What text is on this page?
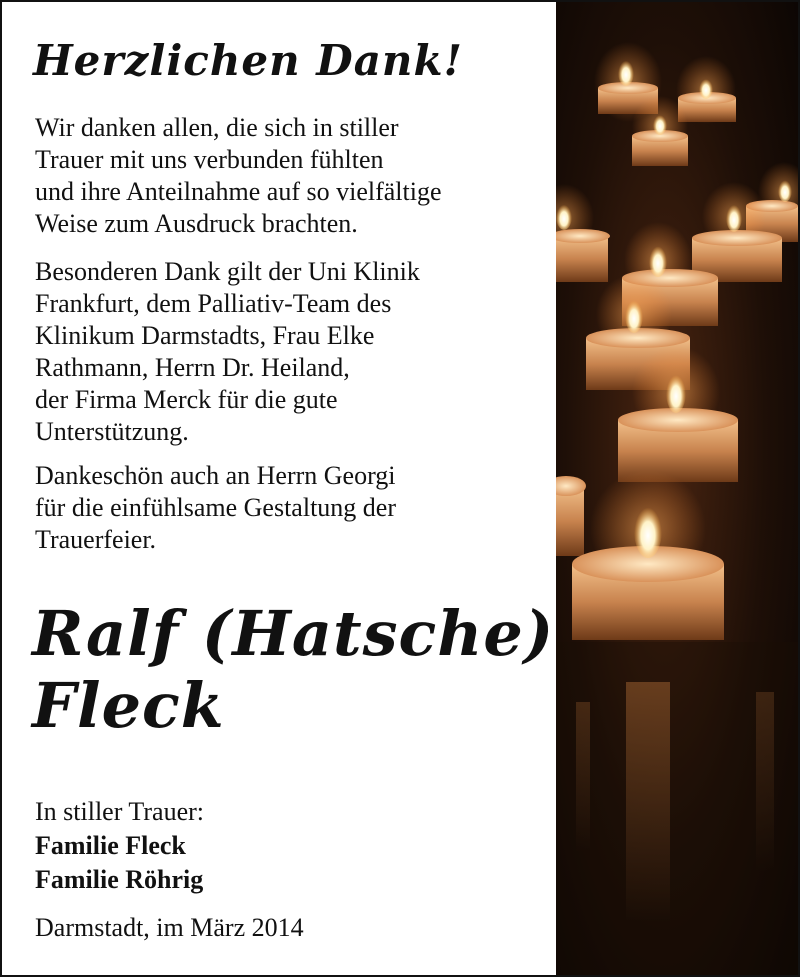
Herzlichen Dank!

Wir danken allen, die sich in stiller
Trauer mit uns verbunden fühlten
und ihre Anteilnahme auf so vielfältige
Weise zum Ausdruck brachten.

Besonderen Dank gilt der Uni Klinik
Frankfurt, dem Palliativ-Team des
Klinikum Darmstadts, Frau Elke
Rathmann, Herrn Dr. Heiland,
der Firma Merck für die gute
Unterstützung.

Dankeschön auch an Herrn Georgi
für die einfühlsame Gestaltung der
Trauerfeier.

Ralf (Hatsche)
Fleck

In stiller Trauer:

Familie Fleck

Familie Röhrig

Darmstadt, im März 2014
